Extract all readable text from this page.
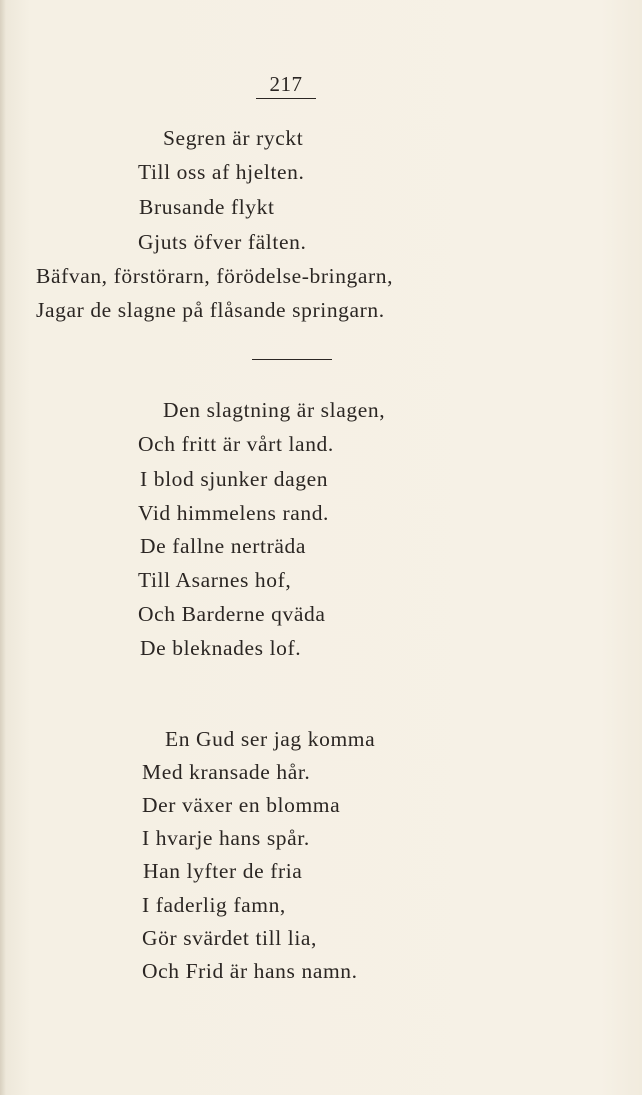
217
Segren är ryckt
Till oss af hjelten.
Brusande flykt
Gjuts öfver fälten.
Bäfvan, förstörarn, förödelse-bringarn,
Jagar de slagne på flåsande springarn.
Den slagtning är slagen,
Och fritt är vårt land.
I blod sjunker dagen
Vid himmelens rand.
De fallne nerträda
Till Asarnes hof,
Och Barderne qväda
De bleknades lof.
En Gud ser jag komma
Med kransade hår.
Der växer en blomma
I hvarje hans spår.
Han lyfter de fria
I faderlig famn,
Gör svärdet till lia,
Och Frid är hans namn.
